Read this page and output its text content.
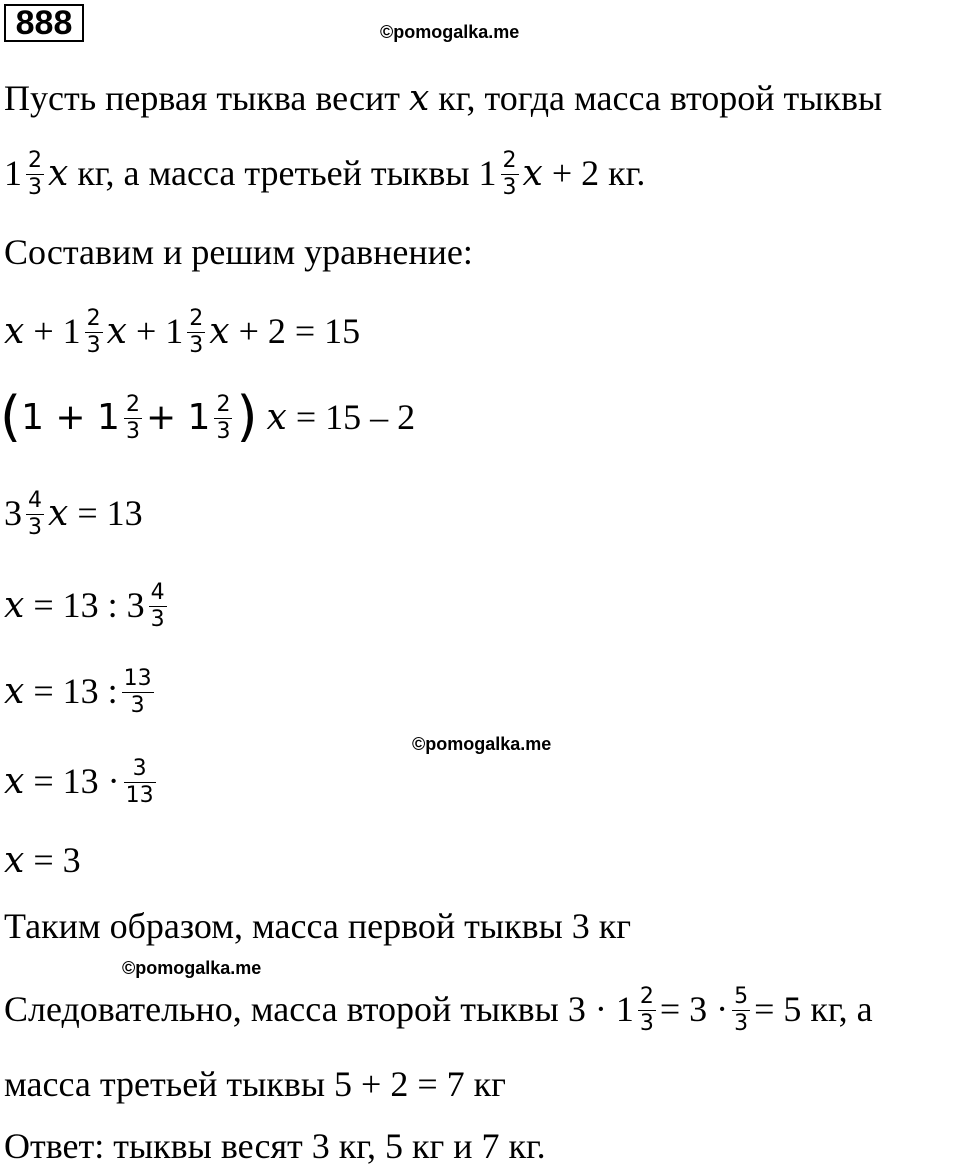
888	©pomogalka.me
©pomogalka.me
©pomogalka.me
Пусть первая тыква весит x кг, тогда масса второй тыквы
$1 \frac{2}{3}$ x кг, а масса третьей тыквы $1 \frac{2}{3}$ x + 2 кг.
Составим и решим уравнение:
$x + 1 \frac{2}{3}$ $x + 1 \frac{2}{3}$ x + 2 = 15
($1 + 1 \frac{2}{3} + 1 \frac{2}{3}$ ) x = 15 – 2
$3 \frac{4}{3}$ x = 13
x = 13 : $3 \frac{4}{3}$
x = 13 : $\frac{13}{3}$
$x = 13 \cdot \frac{3}{13}$
x = 3
Таким образом, масса первой тыквы 3 кг
Следовательно, масса второй тыквы $3 \cdot 1 \frac{2}{3} = 3 \cdot \frac{5}{3} = 5$ кг, а
масса третьей тыквы 5 + 2 = 7 кг
Ответ: тыквы весят 3 кг, 5 кг и 7 кг.
